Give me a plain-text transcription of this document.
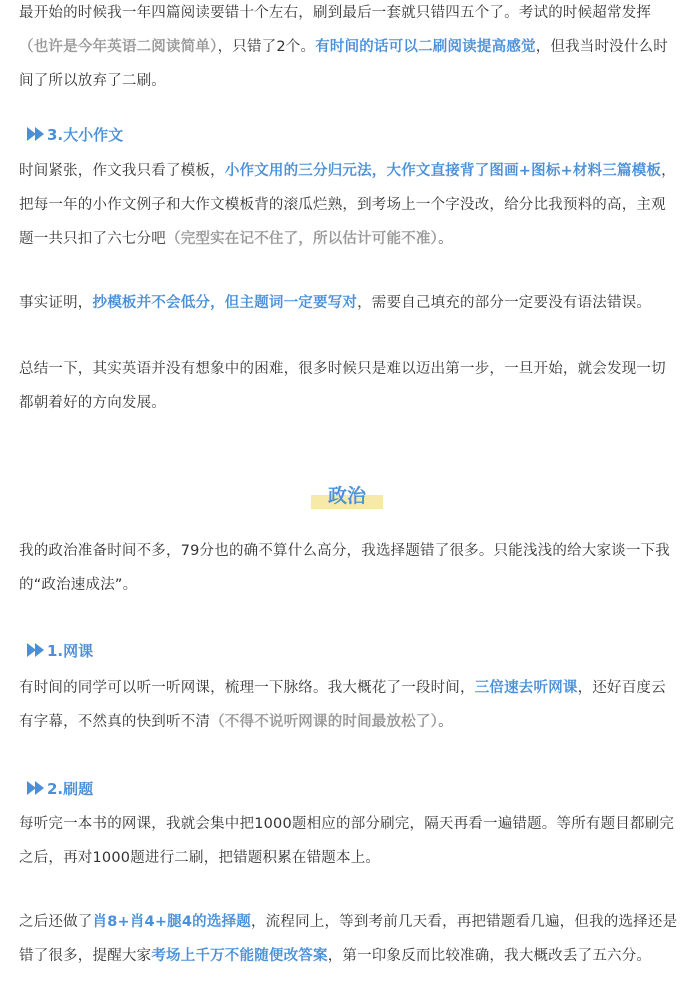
最开始的时候我一年四篇阅读要错十个左右，刷到最后一套就只错四五个了。考试的时候超常发挥（也许是今年英语二阅读简单），只错了2个。有时间的话可以二刷阅读提高感觉，但我当时没什么时间了所以放弃了二刷。

3.大小作文

时间紧张，作文我只看了模板，小作文用的三分归元法，大作文直接背了图画+图标+材料三篇模板，把每一年的小作文例子和大作文模板背的滚瓜烂熟，到考场上一个字没改，给分比我预料的高，主观题一共只扣了六七分吧（完型实在记不住了，所以估计可能不准）。

事实证明，抄模板并不会低分，但主题词一定要写对，需要自己填充的部分一定要没有语法错误。

总结一下，其实英语并没有想象中的困难，很多时候只是难以迈出第一步，一旦开始，就会发现一切都朝着好的方向发展。

政治

我的政治准备时间不多，79分也的确不算什么高分，我选择题错了很多。只能浅浅的给大家谈一下我的“政治速成法”。

1.网课

有时间的同学可以听一听网课，梳理一下脉络。我大概花了一段时间，三倍速去听网课，还好百度云有字幕，不然真的快到听不清（不得不说听网课的时间最放松了）。

2.刷题

每听完一本书的网课，我就会集中把1000题相应的部分刷完，隔天再看一遍错题。等所有题目都刷完之后，再对1000题进行二刷，把错题积累在错题本上。

之后还做了肖8+肖4+腿4的选择题，流程同上，等到考前几天看，再把错题看几遍，但我的选择还是错了很多，提醒大家考场上千万不能随便改答案，第一印象反而比较准确，我大概改丢了五六分。
